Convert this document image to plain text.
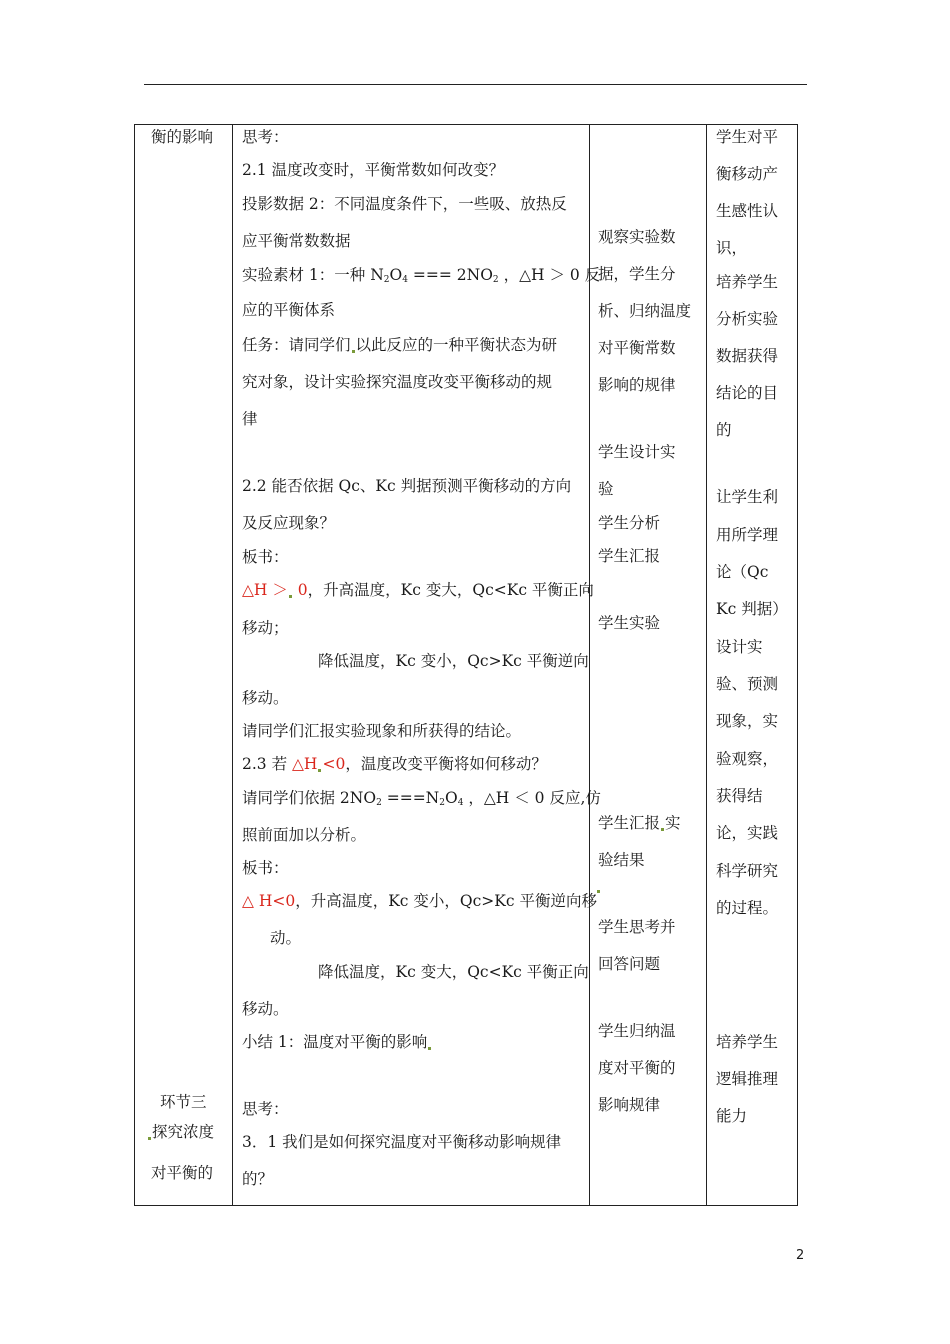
衡的影响
环节三
探究浓度
对平衡的
思考：
2.1 温度改变时，平衡常数如何改变？
投影数据 2：不同温度条件下，一些吸、放热反
应平衡常数数据
实验素材 1：一种 $N_2O_4$ === $2NO_2$ ，△H ＞ 0 反
应的平衡体系
任务：请同学们 以此反应的一种平衡状态为研
究对象，设计实验探究温度改变平衡移动的规
律
2.2 能否依据 Qc、Kc 判据预测平衡移动的方向
及反应现象？
板书：
△H ＞ 0，升高温度，Kc 变大，Qc<Kc 平衡正向
移动；
降低温度，Kc 变小，Qc>Kc 平衡逆向
移动。
请同学们汇报实验现象和所获得的结论。
2.3 若 △H <0，温度改变平衡将如何移动？
请同学们依据 $2NO_2 ===N_2O_4$ ，△H ＜ 0 反应,仿
照前面加以分析。
板书：
△ H<0，升高温度，Kc 变小，Qc>Kc 平衡逆向移
动。
降低温度，Kc 变大，Qc<Kc 平衡正向
移动。
小结 1：温度对平衡的影响
思考：
3．1 我们是如何探究温度对平衡移动影响规律
的？
观察实验数
据，学生分
析、归纳温度
对平衡常数
影响的规律
学生设计实
验
学生分析
学生汇报
学生实验
学生汇报 实
验结果
学生思考并
回答问题
学生归纳温
度对平衡的
影响规律
学生对平
衡移动产
生感性认
识，
培养学生
分析实验
数据获得
结论的目
的
让学生利
用所学理
论（Qc
Kc 判据）
设计实
验、预测
现象，实
验观察，
获得结
论，实践
科学研究
的过程。
培养学生
逻辑推理
能力
2
